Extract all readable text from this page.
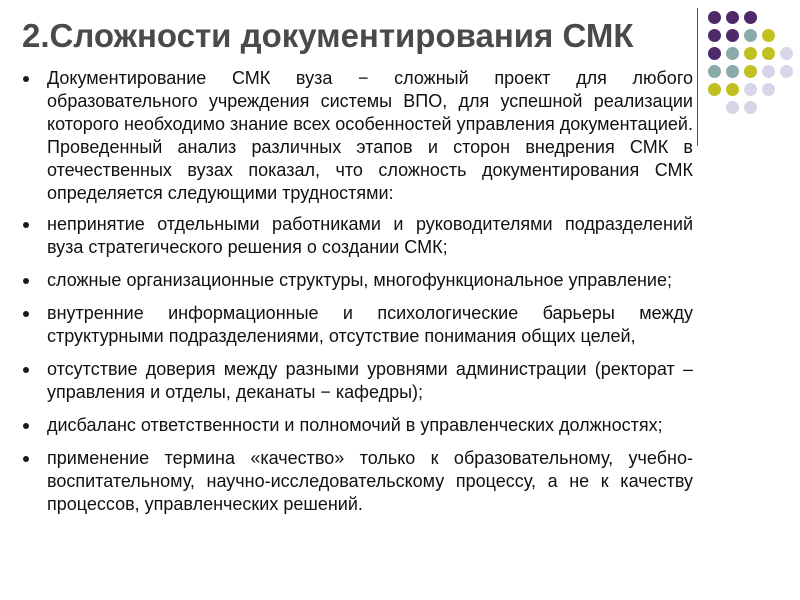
2.Сложности документирования СМК
Документирование СМК вуза − сложный проект для любого образовательного учреждения системы ВПО, для успешной реализации которого необходимо знание всех особенностей управления документацией. Проведенный анализ различных этапов и сторон внедрения СМК в отечественных вузах показал, что сложность документирования СМК определяется следующими трудностями:
непринятие отдельными работниками и руководителями подразделений вуза стратегического решения о создании СМК;
сложные организационные структуры, многофункциональное управление;
внутренние информационные и психологические барьеры между структурными подразделениями, отсутствие понимания общих целей,
отсутствие доверия между разными уровнями администрации (ректорат – управления и отделы, деканаты − кафедры);
дисбаланс ответственности и полномочий в управленческих должностях;
применение термина «качество» только к образовательному, учебно-воспитательному, научно-исследовательскому процессу, а не к качеству процессов, управленческих решений.
